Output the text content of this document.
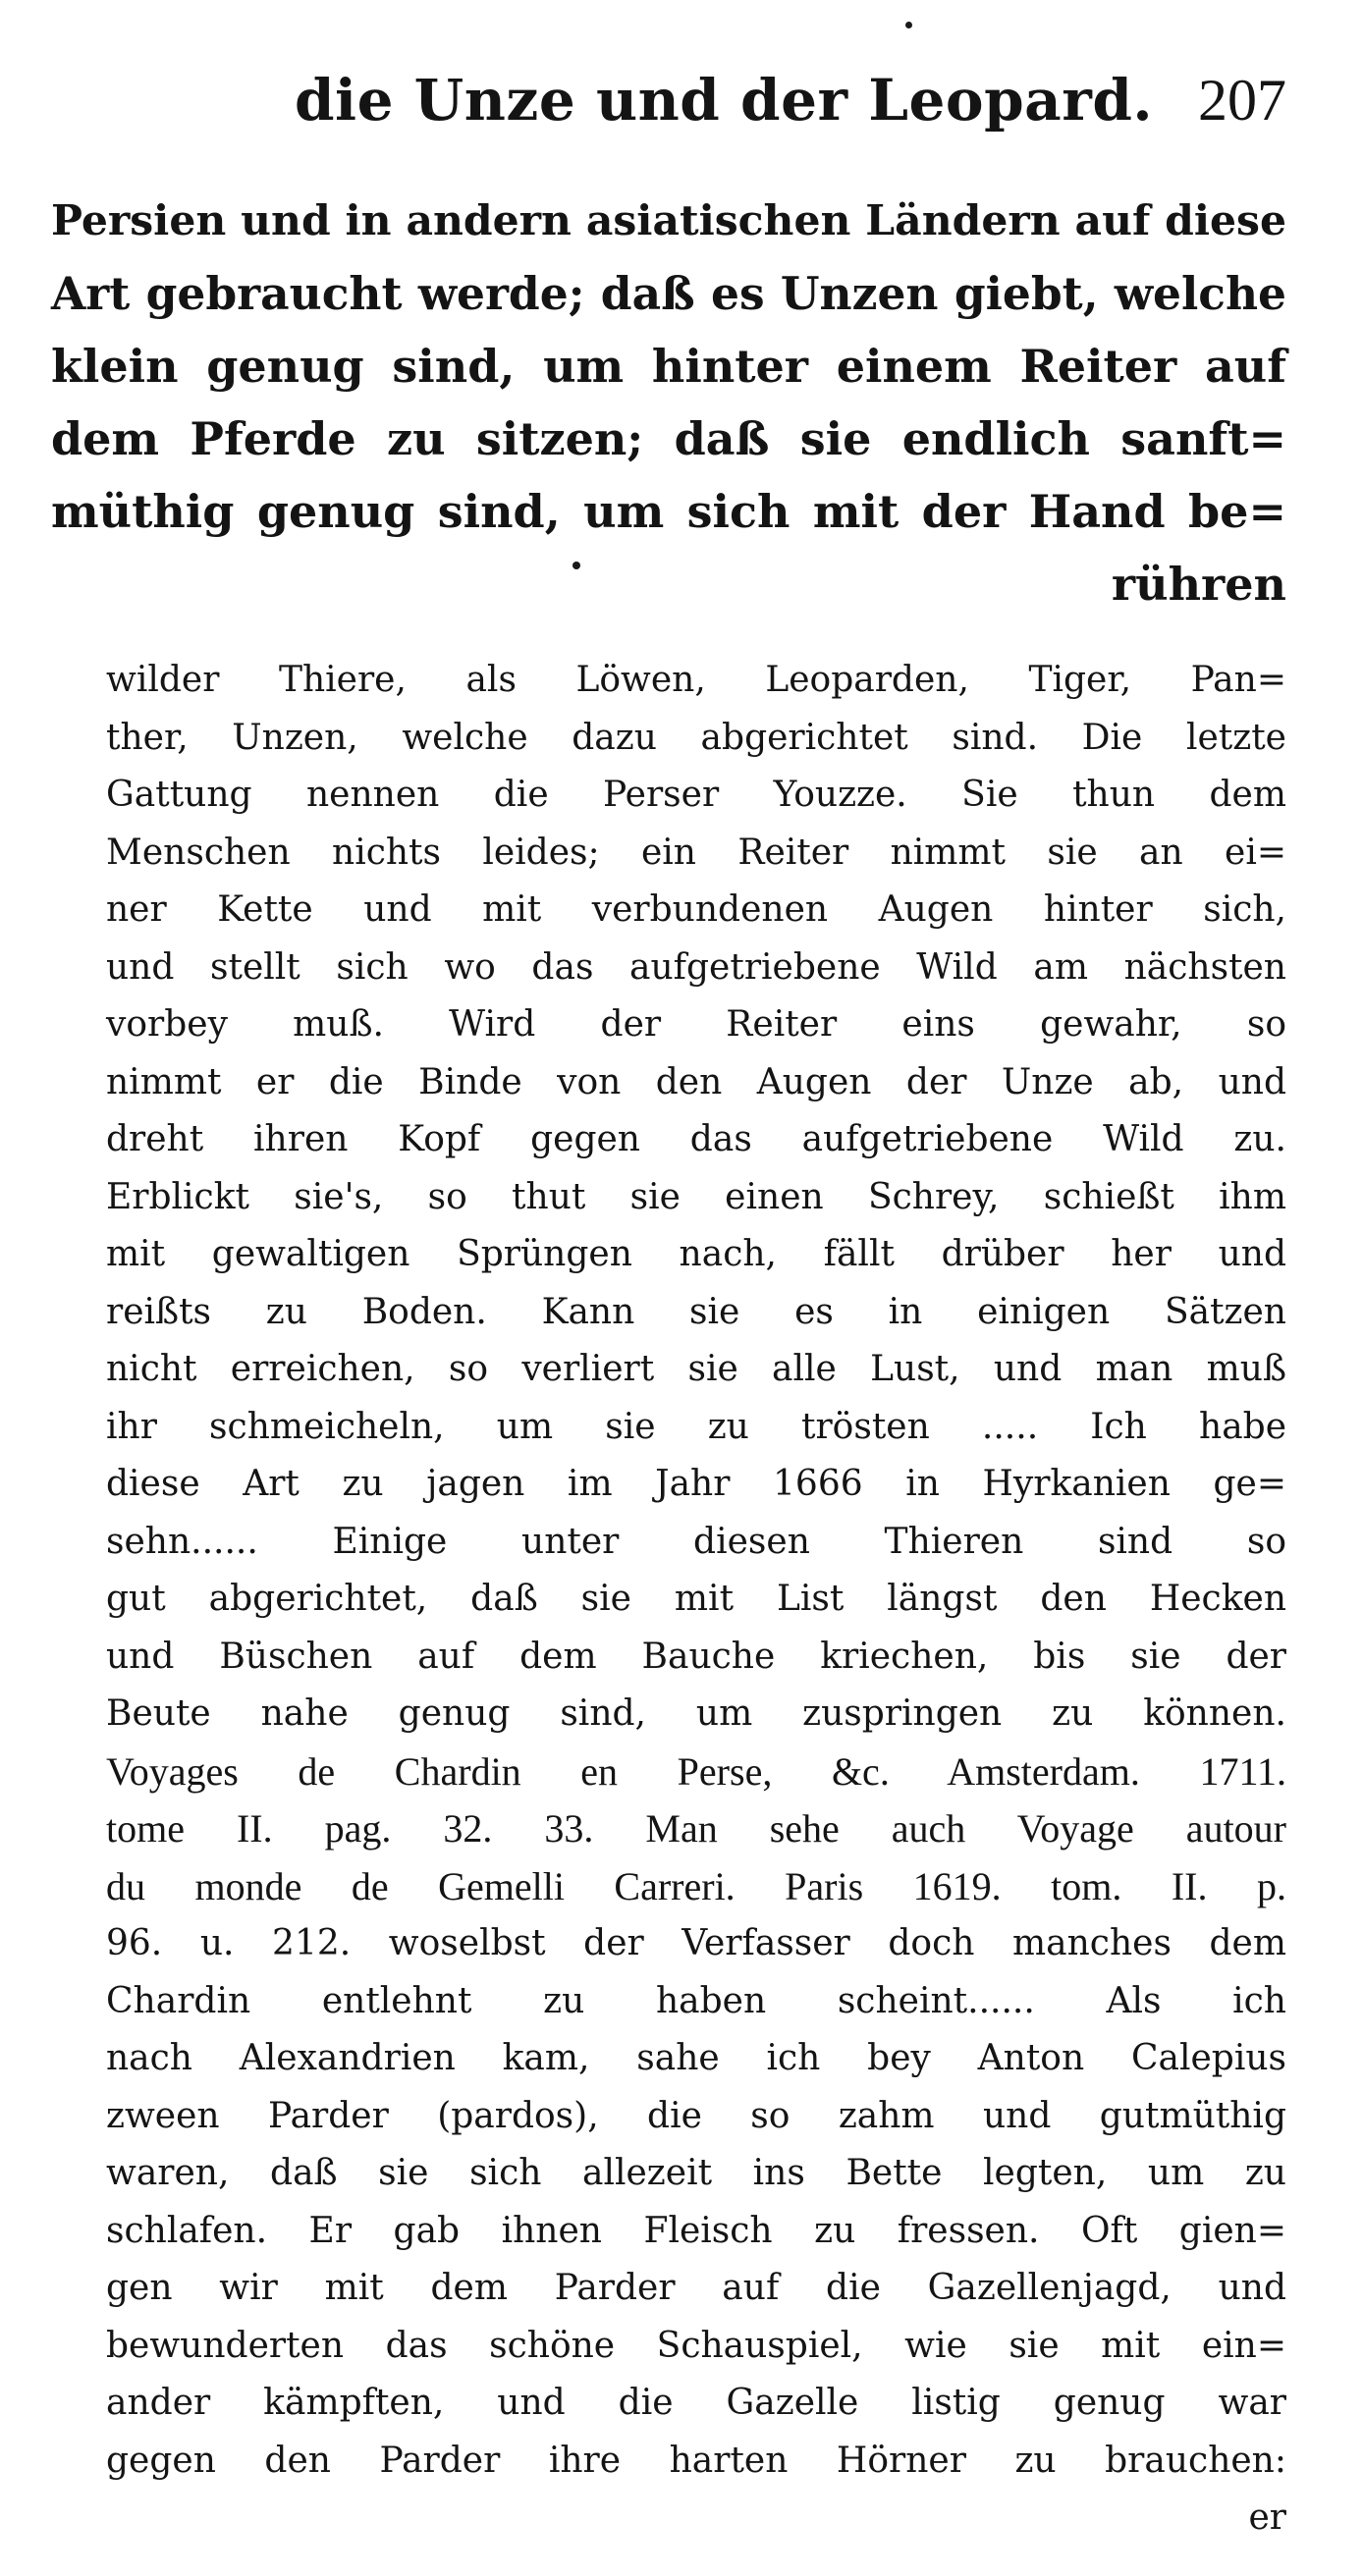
die Unze und der Leopard. 207
Persien und in andern asiatischen Ländern auf diese
Art gebraucht werde; daß es Unzen giebt, welche
klein genug sind, um hinter einem Reiter auf
dem Pferde zu sitzen; daß sie endlich sanft=
müthig genug sind, um sich mit der Hand be=
rühren
wilder Thiere, als Löwen, Leoparden, Tiger, Pan=
ther, Unzen, welche dazu abgerichtet sind. Die letzte
Gattung nennen die Perser Youzze. Sie thun dem
Menschen nichts leides; ein Reiter nimmt sie an ei=
ner Kette und mit verbundenen Augen hinter sich,
und stellt sich wo das aufgetriebene Wild am nächsten
vorbey muß. Wird der Reiter eins gewahr, so
nimmt er die Binde von den Augen der Unze ab, und
dreht ihren Kopf gegen das aufgetriebene Wild zu.
Erblickt sie's, so thut sie einen Schrey, schießt ihm
mit gewaltigen Sprüngen nach, fällt drüber her und
reißts zu Boden. Kann sie es in einigen Sätzen
nicht erreichen, so verliert sie alle Lust, und man muß
ihr schmeicheln, um sie zu trösten ..... Ich habe
diese Art zu jagen im Jahr 1666 in Hyrkanien ge=
sehn...... Einige unter diesen Thieren sind so
gut abgerichtet, daß sie mit List längst den Hecken
und Büschen auf dem Bauche kriechen, bis sie der
Beute nahe genug sind, um zuspringen zu können.
Voyages de Chardin en Perse, &c. Amsterdam. 1711.
tome II. pag. 32. 33. Man sehe auch Voyage autour
du monde de Gemelli Carreri. Paris 1619. tom. II. p.
96. u. 212. woselbst der Verfasser doch manches dem
Chardin entlehnt zu haben scheint...... Als ich
nach Alexandrien kam, sahe ich bey Anton Calepius
zween Parder (pardos), die so zahm und gutmüthig
waren, daß sie sich allezeit ins Bette legten, um zu
schlafen. Er gab ihnen Fleisch zu fressen. Oft gien=
gen wir mit dem Parder auf die Gazellenjagd, und
bewunderten das schöne Schauspiel, wie sie mit ein=
ander kämpften, und die Gazelle listig genug war
gegen den Parder ihre harten Hörner zu brauchen:
er
